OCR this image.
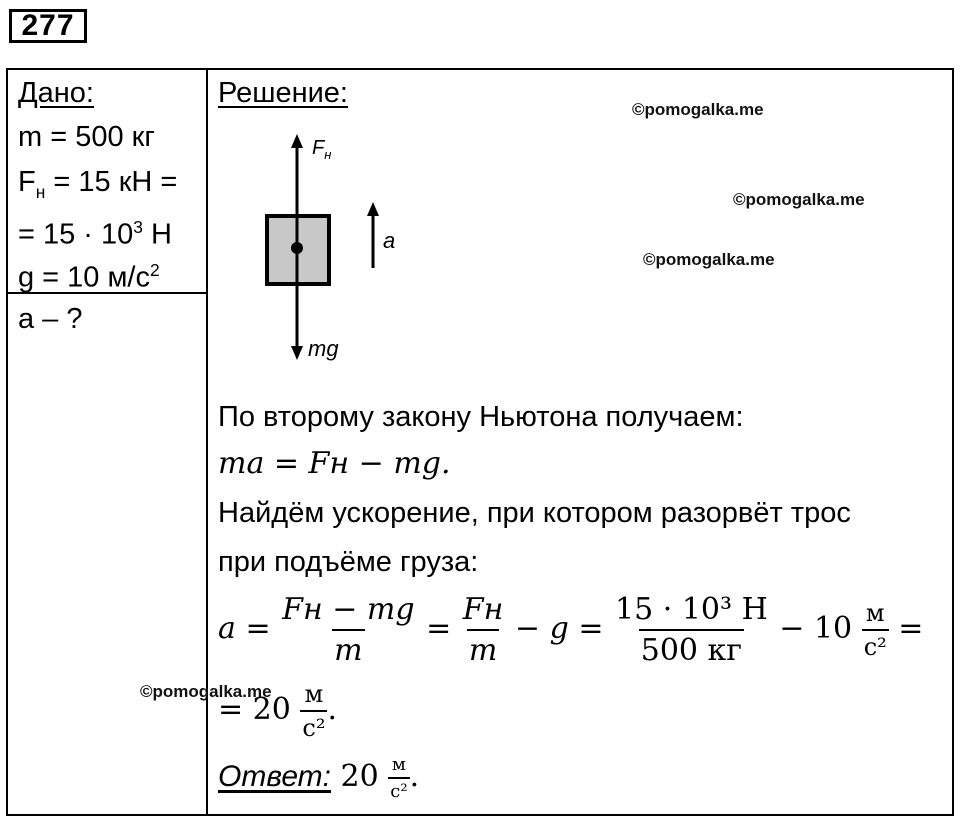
277
Дано:
m = 500 кг
$F_н = 15$ кН =
= $15 \cdot 10^3$ Н
g = 10 $м/с^2$
a – ?
Решение:
$F_н$
a
mg
По второму закону Ньютона получаем:
ma = Fн − mg.
Найдём ускорение, при котором разорвёт трос
при подъёме груза:
$a = \frac{Fн - mg}{m} = \frac{Fн}{m} - g = \frac{\text{15 · 10³ Н}}{500 кг} - 10 \frac{м}{\text{с²}}$ =
= $20 \frac{м}{\text{с²}}$ .
Ответ: $20 \frac{м}{\text{с²}}$ .
©pomogalka.me
©pomogalka.me
©pomogalka.me
©pomogalka.me
